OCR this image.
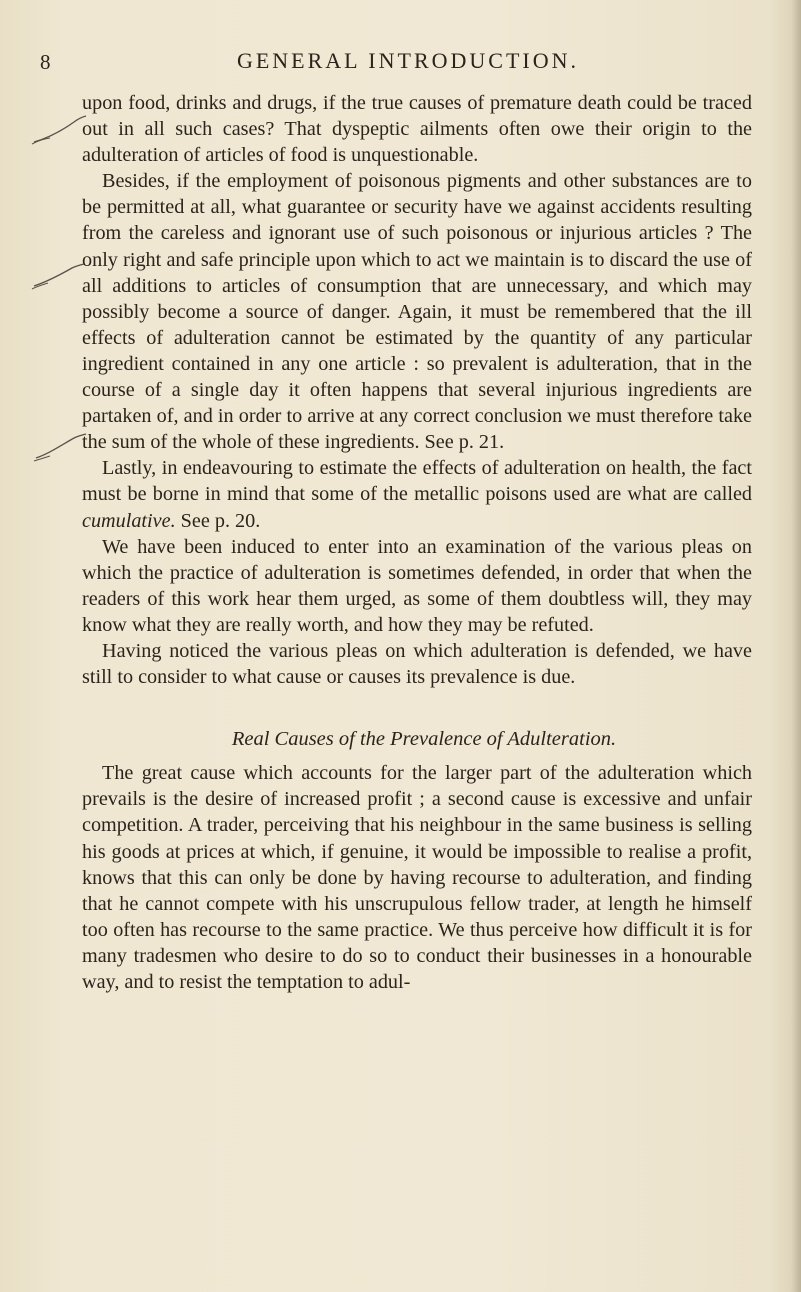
8	GENERAL INTRODUCTION.

upon food, drinks and drugs, if the true causes of premature death could be traced out in all such cases? That dyspeptic ailments often owe their origin to the adulteration of articles of food is unquestionable.

Besides, if the employment of poisonous pigments and other substances are to be permitted at all, what guarantee or security have we against accidents resulting from the careless and ignorant use of such poisonous or injurious articles ? The only right and safe principle upon which to act we maintain is to discard the use of all additions to articles of consumption that are unnecessary, and which may possibly become a source of danger. Again, it must be remembered that the ill effects of adulteration cannot be estimated by the quantity of any particular ingredient contained in any one article : so prevalent is adulteration, that in the course of a single day it often happens that several injurious ingredients are partaken of, and in order to arrive at any correct conclusion we must therefore take the sum of the whole of these ingredients. See p. 21.

Lastly, in endeavouring to estimate the effects of adulteration on health, the fact must be borne in mind that some of the metallic poisons used are what are called cumulative. See p. 20.

We have been induced to enter into an examination of the various pleas on which the practice of adulteration is sometimes defended, in order that when the readers of this work hear them urged, as some of them doubtless will, they may know what they are really worth, and how they may be refuted.

Having noticed the various pleas on which adulteration is defended, we have still to consider to what cause or causes its prevalence is due.

Real Causes of the Prevalence of Adulteration.

The great cause which accounts for the larger part of the adulteration which prevails is the desire of increased profit ; a second cause is excessive and unfair competition. A trader, perceiving that his neighbour in the same business is selling his goods at prices at which, if genuine, it would be impossible to realise a profit, knows that this can only be done by having recourse to adulteration, and finding that he cannot compete with his unscrupulous fellow trader, at length he himself too often has recourse to the same practice. We thus perceive how difficult it is for many tradesmen who desire to do so to conduct their businesses in a honourable way, and to resist the temptation to adul-
